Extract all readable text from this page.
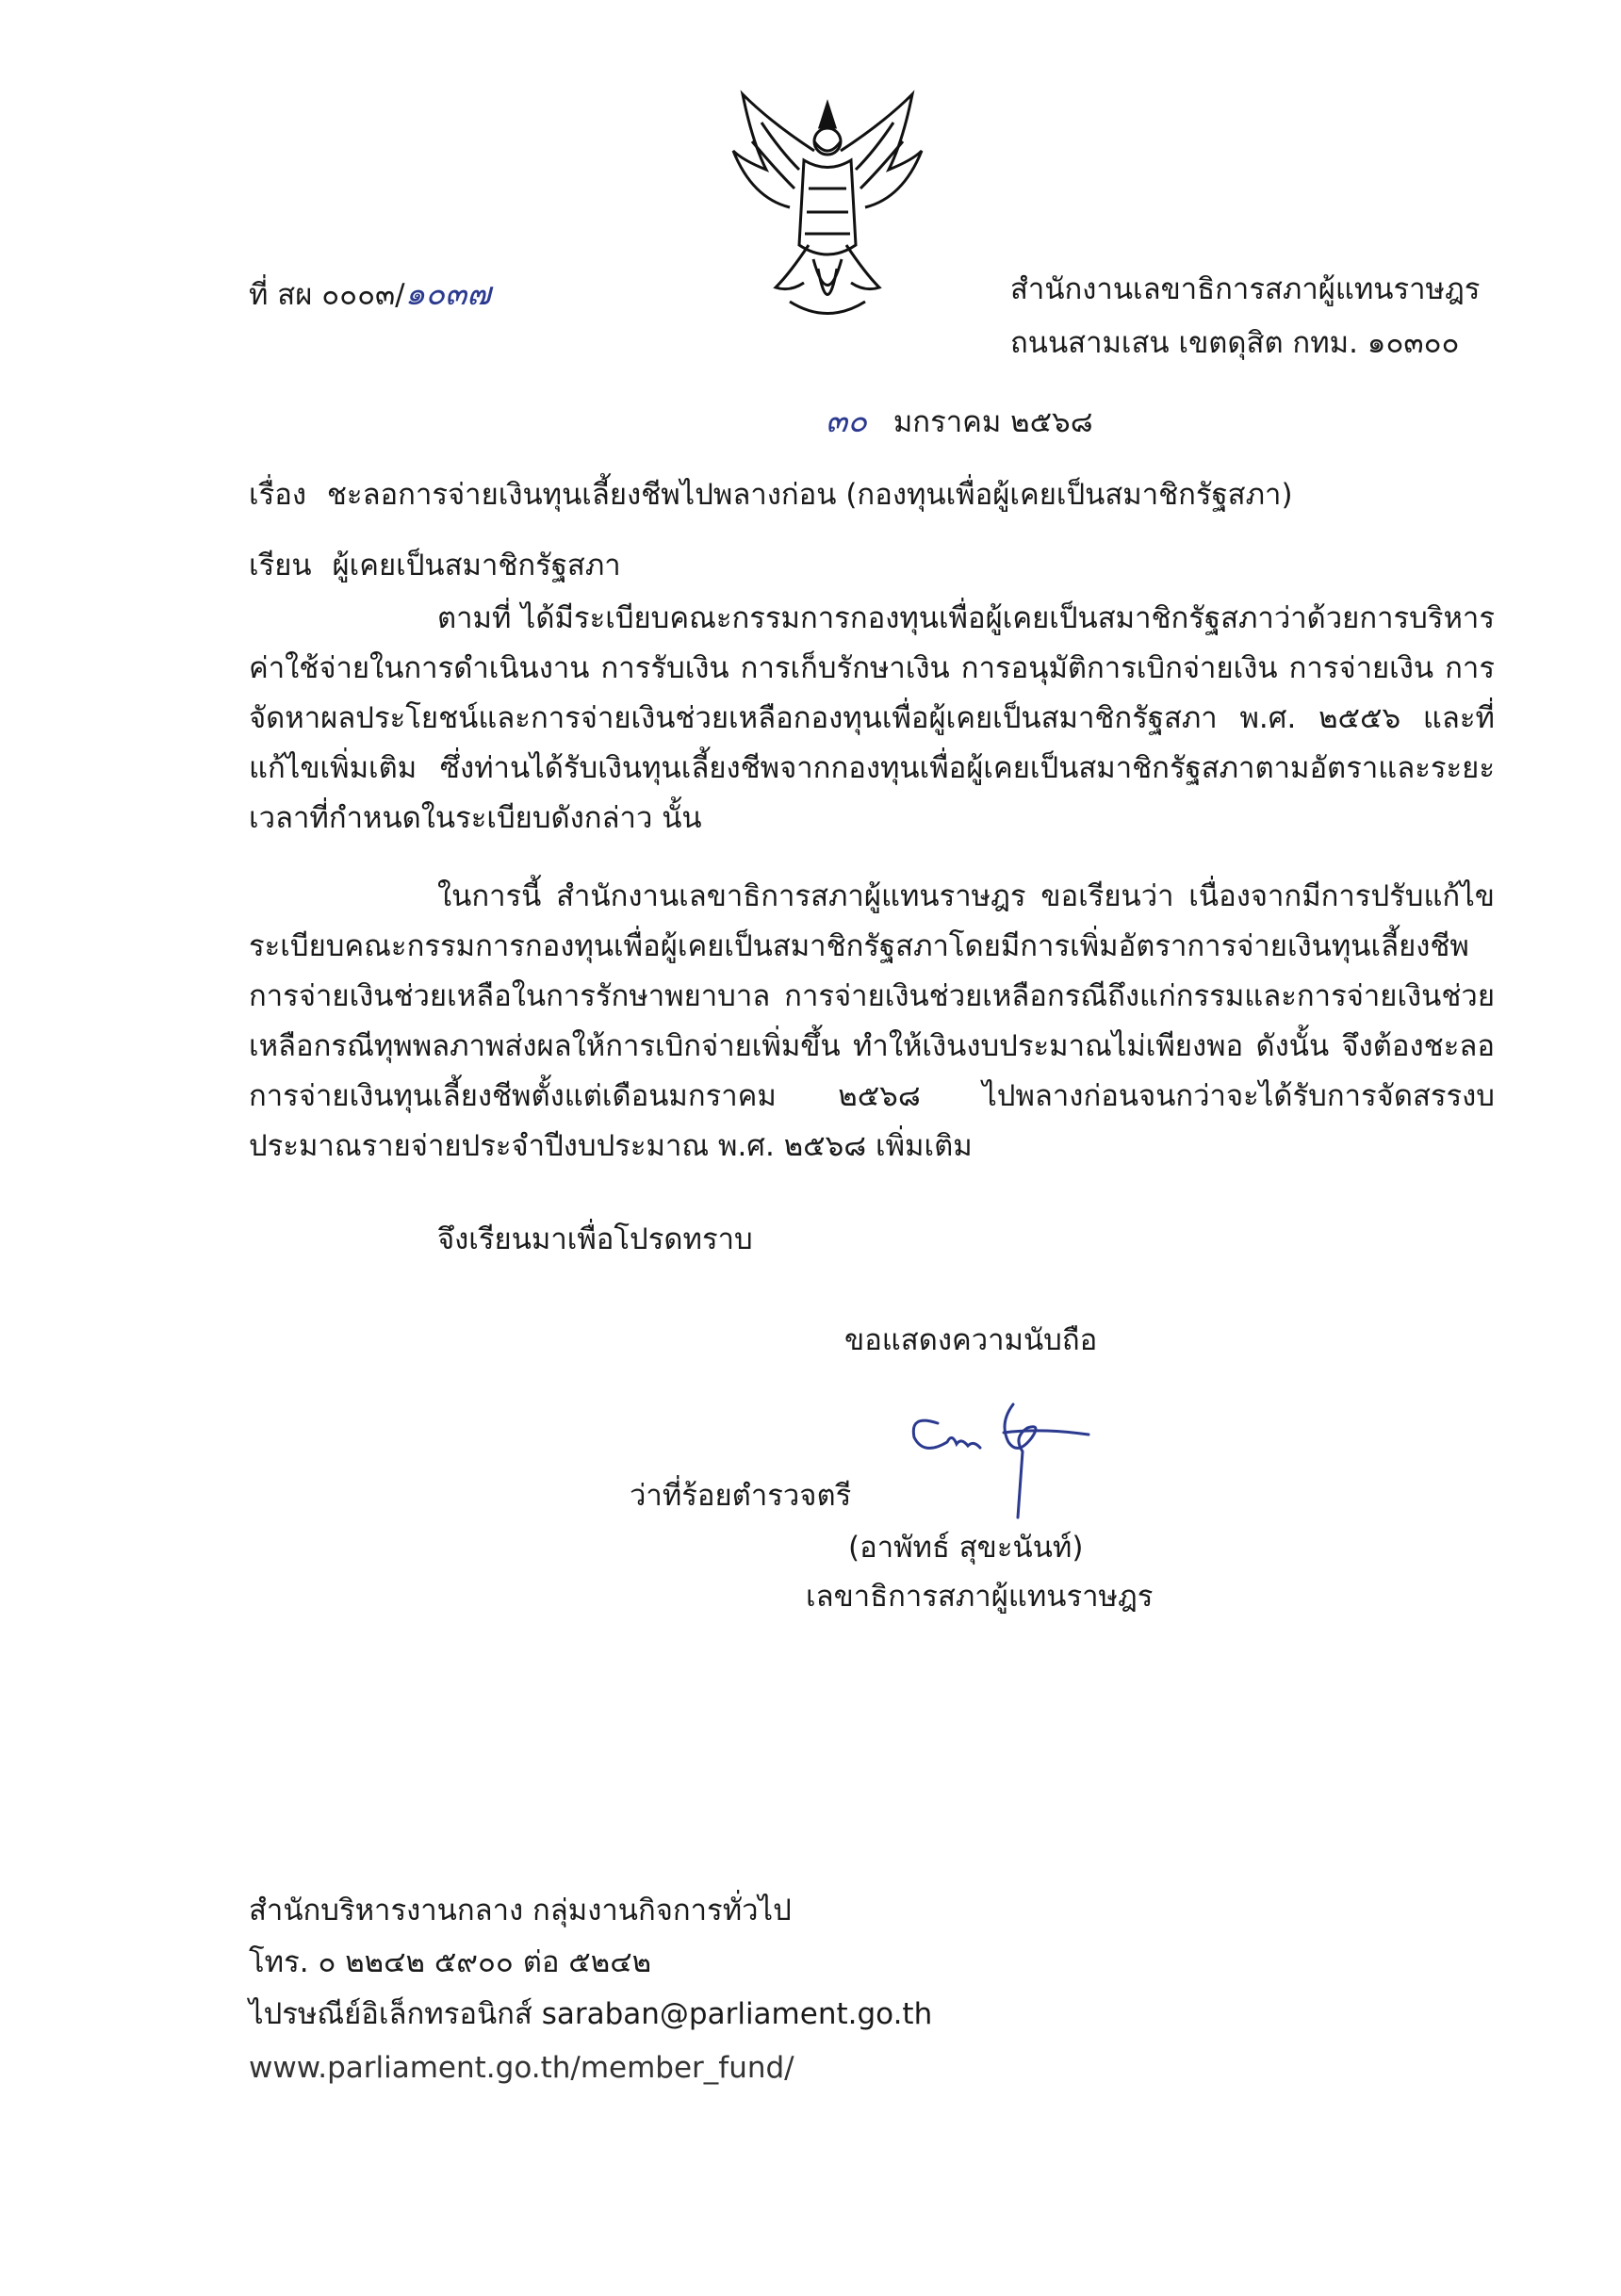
ที่ สผ ๐๐๐๓/๑๐๓๗	สำนักงานเลขาธิการสภาผู้แทนราษฎร
ถนนสามเสน เขตดุสิต กทม. ๑๐๓๐๐
๓๐ มกราคม ๒๕๖๘
เรื่อง ชะลอการจ่ายเงินทุนเลี้ยงชีพไปพลางก่อน (กองทุนเพื่อผู้เคยเป็นสมาชิกรัฐสภา)
เรียน ผู้เคยเป็นสมาชิกรัฐสภา

ตามที่ ได้มีระเบียบคณะกรรมการกองทุนเพื่อผู้เคยเป็นสมาชิกรัฐสภาว่าด้วยการบริหารค่าใช้จ่ายในการดำเนินงาน การรับเงิน การเก็บรักษาเงิน การอนุมัติการเบิกจ่ายเงิน การจ่ายเงิน การจัดหาผลประโยชน์และการจ่ายเงินช่วยเหลือกองทุนเพื่อผู้เคยเป็นสมาชิกรัฐสภา พ.ศ. ๒๕๕๖ และที่แก้ไขเพิ่มเติม ซึ่งท่านได้รับเงินทุนเลี้ยงชีพจากกองทุนเพื่อผู้เคยเป็นสมาชิกรัฐสภาตามอัตราและระยะเวลาที่กำหนดในระเบียบดังกล่าว นั้น

ในการนี้ สำนักงานเลขาธิการสภาผู้แทนราษฎร ขอเรียนว่า เนื่องจากมีการปรับแก้ไขระเบียบคณะกรรมการกองทุนเพื่อผู้เคยเป็นสมาชิกรัฐสภาโดยมีการเพิ่มอัตราการจ่ายเงินทุนเลี้ยงชีพ การจ่ายเงินช่วยเหลือในการรักษาพยาบาล การจ่ายเงินช่วยเหลือกรณีถึงแก่กรรมและการจ่ายเงินช่วยเหลือกรณีทุพพลภาพส่งผลให้การเบิกจ่ายเพิ่มขึ้น ทำให้เงินงบประมาณไม่เพียงพอ ดังนั้น จึงต้องชะลอการจ่ายเงินทุนเลี้ยงชีพตั้งแต่เดือนมกราคม ๒๕๖๘ ไปพลางก่อนจนกว่าจะได้รับการจัดสรรงบประมาณรายจ่ายประจำปีงบประมาณ พ.ศ. ๒๕๖๘ เพิ่มเติม

จึงเรียนมาเพื่อโปรดทราบ
ขอแสดงความนับถือ
ว่าที่ร้อยตำรวจตรี
(อาพัทธ์ สุขะนันท์)
เลขาธิการสภาผู้แทนราษฎร
สำนักบริหารงานกลาง กลุ่มงานกิจการทั่วไป
โทร. ๐ ๒๒๔๒ ๕๙๐๐ ต่อ ๕๒๔๒
ไปรษณีย์อิเล็กทรอนิกส์ saraban@parliament.go.th
www.parliament.go.th/member_fund/
